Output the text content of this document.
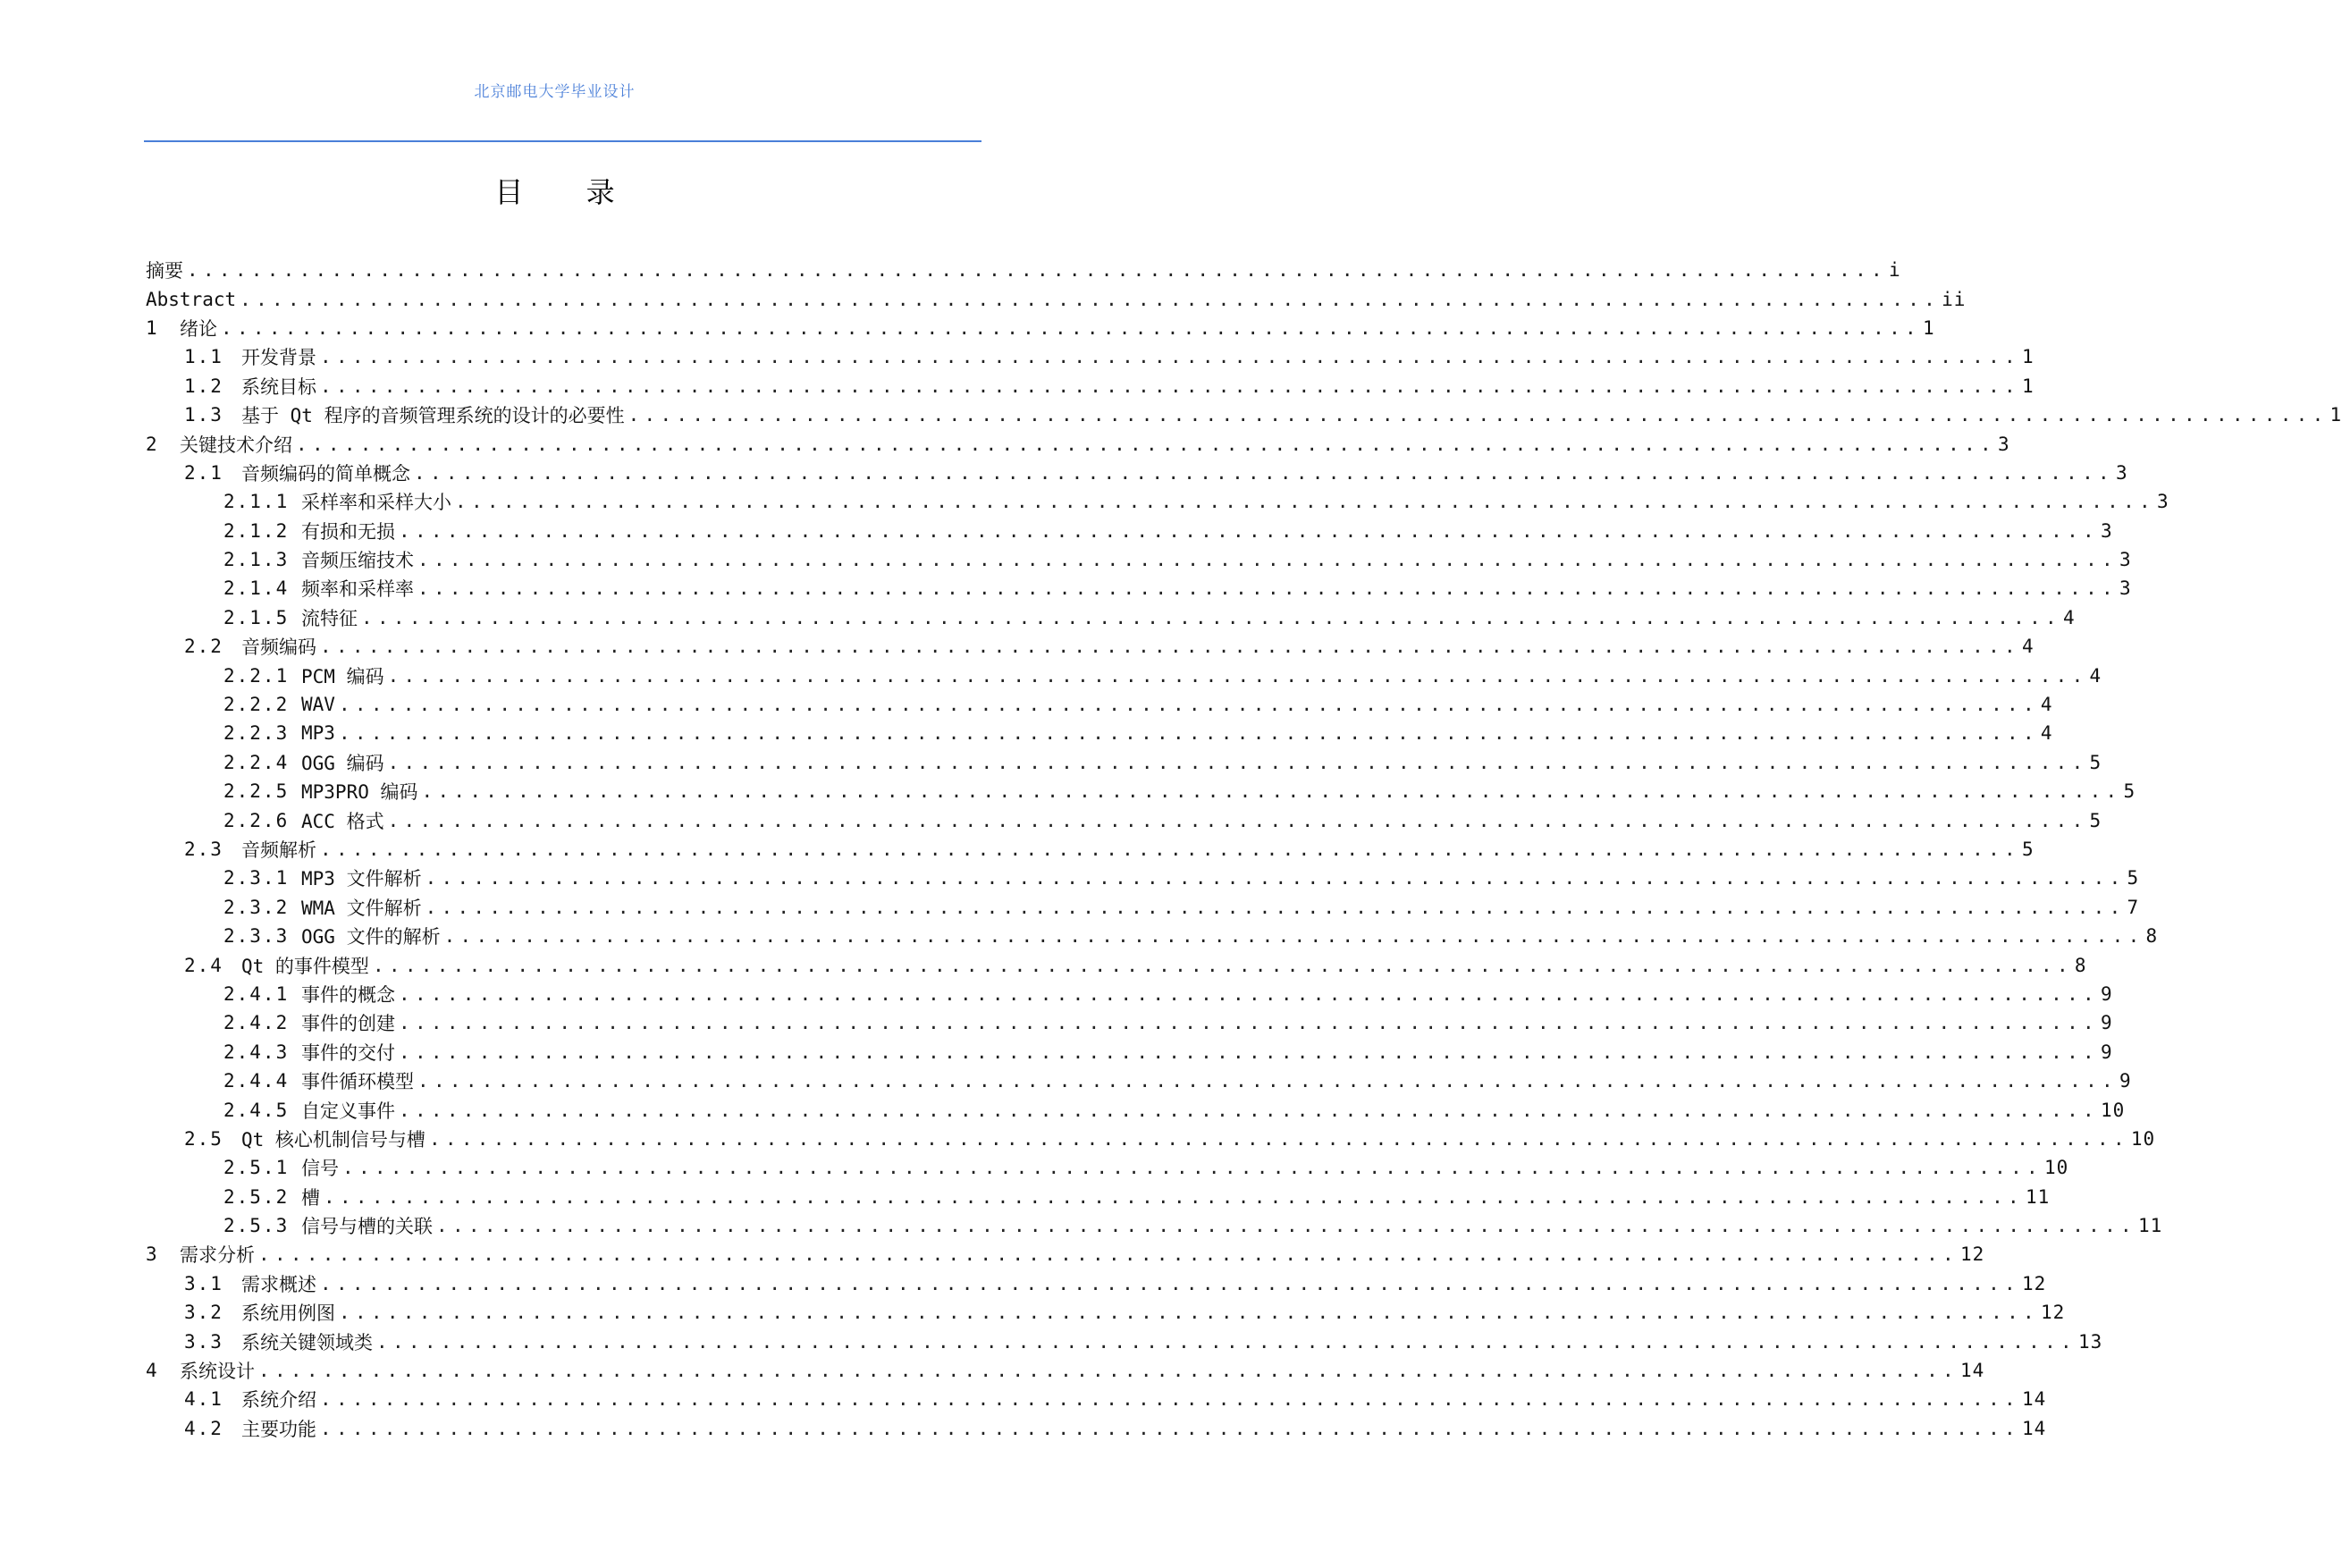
北京邮电大学毕业设计
目 录
摘要 .......................................................................................................... i
Abstract .......................................................................................................... ii
1	绪论 .......................................................................................................... 1
1.1 开发背景 .......................................................................................................... 1
1.2 系统目标 .......................................................................................................... 1
1.3 基于 Qt 程序的音频管理系统的设计的必要性 .......................................................................................................... 1
2	关键技术介绍 .......................................................................................................... 3
2.1 音频编码的简单概念 .......................................................................................................... 3
2.1.1 采样率和采样大小 .......................................................................................................... 3
2.1.2 有损和无损 .......................................................................................................... 3
2.1.3 音频压缩技术 .......................................................................................................... 3
2.1.4 频率和采样率 .......................................................................................................... 3
2.1.5 流特征 .......................................................................................................... 4
2.2 音频编码 .......................................................................................................... 4
2.2.1 PCM 编码 .......................................................................................................... 4
2.2.2 WAV .......................................................................................................... 4
2.2.3 MP3 .......................................................................................................... 4
2.2.4 OGG 编码 .......................................................................................................... 5
2.2.5 MP3PRO 编码 .......................................................................................................... 5
2.2.6 ACC 格式 .......................................................................................................... 5
2.3 音频解析 .......................................................................................................... 5
2.3.1 MP3 文件解析 .......................................................................................................... 5
2.3.2 WMA 文件解析 .......................................................................................................... 7
2.3.3 OGG 文件的解析 .......................................................................................................... 8
2.4 Qt 的事件模型 .......................................................................................................... 8
2.4.1 事件的概念 .......................................................................................................... 9
2.4.2 事件的创建 .......................................................................................................... 9
2.4.3 事件的交付 .......................................................................................................... 9
2.4.4 事件循环模型 .......................................................................................................... 9
2.4.5 自定义事件 .......................................................................................................... 10
2.5 Qt 核心机制信号与槽 .......................................................................................................... 10
2.5.1 信号 .......................................................................................................... 10
2.5.2 槽 .......................................................................................................... 11
2.5.3 信号与槽的关联 .......................................................................................................... 11
3	需求分析 .......................................................................................................... 12
3.1 需求概述 .......................................................................................................... 12
3.2 系统用例图 .......................................................................................................... 12
3.3 系统关键领域类 .......................................................................................................... 13
4	系统设计 .......................................................................................................... 14
4.1 系统介绍 .......................................................................................................... 14
4.2 主要功能 .......................................................................................................... 14
